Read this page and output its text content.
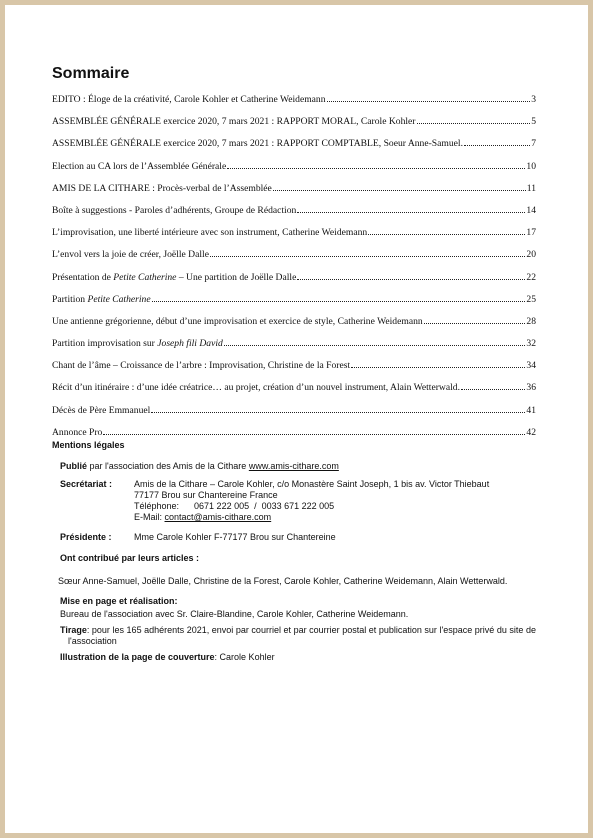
Sommaire
EDITO : Éloge de la créativité, Carole Kohler et Catherine Weidemann	3
ASSEMBLÉE GÉNÉRALE exercice 2020, 7 mars 2021 : RAPPORT MORAL, Carole Kohler	5
ASSEMBLÉE GÉNÉRALE exercice 2020, 7 mars 2021 : RAPPORT COMPTABLE, Soeur Anne-Samuel.	7
Election au CA lors de l’Assemblée Générale	10
AMIS DE LA CITHARE : Procès-verbal de l’Assemblée	11
Boîte à suggestions - Paroles d’adhérents, Groupe de Rédaction	14
L’improvisation, une liberté intérieure avec son instrument, Catherine Weidemann	17
L’envol vers la joie de créer, Joëlle Dalle	20
Présentation de Petite Catherine – Une partition de Joëlle Dalle	22
Partition Petite Catherine	25
Une antienne grégorienne, début d’une improvisation et exercice de style, Catherine Weidemann	28
Partition improvisation sur Joseph fili David	32
Chant de l’âme – Croissance de l’arbre : Improvisation, Christine de la Forest	34
Récit d’un itinéraire : d’une idée créatrice… au projet, création d’un nouvel instrument, Alain Wetterwald.	36
Décès de Père Emmanuel	41
Annonce Pro	42
Mentions légales
Publié par l'association des Amis de la Cithare www.amis-cithare.com
Secrétariat :	Amis de la Cithare – Carole Kohler, c/o Monastère Saint Joseph, 1 bis av. Victor Thiebaut
77177 Brou sur Chantereine France
Téléphone:      0671 222 005  /  0033 671 222 005
E-Mail: contact@amis-cithare.com
Présidente :	Mme Carole Kohler F-77177 Brou sur Chantereine
Ont contribué par leurs articles :
Sœur Anne-Samuel, Joëlle Dalle, Christine de la Forest, Carole Kohler, Catherine Weidemann, Alain Wetterwald.
Mise en page et réalisation:
Bureau de l'association avec Sr. Claire-Blandine, Carole Kohler, Catherine Weidemann.
Tirage: pour les 165 adhérents 2021, envoi par courriel et par courrier postal et publication sur l'espace privé du site de l'association
Illustration de la page de couverture: Carole Kohler
